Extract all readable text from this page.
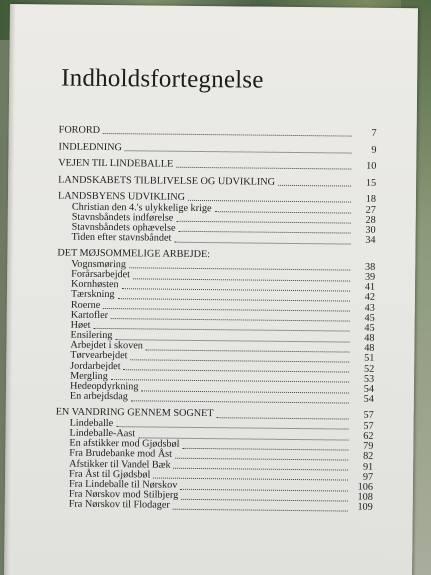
Indholdsfortegnelse
FORORD	7
INDLEDNING	9
VEJEN TIL LINDEBALLE	10
LANDSKABETS TILBLIVELSE OG UDVIKLING	15
LANDSBYENS UDVIKLING	18
Christian den 4.'s ulykkelige krige	27
Stavnsbåndets indførelse	28
Stavnsbåndets ophævelse	30
Tiden efter stavnsbåndet	34
DET MØJSOMMELIGE ARBEJDE:
Vognsmøring	38
Forårsarbejdet	39
Kornhøsten	41
Tærskning	42
Roerne	43
Kartofler	45
Høet	45
Ensilering	48
Arbejdet i skoven	48
Tørvearbejdet	51
Jordarbejdet	52
Mergling	53
Hedeopdyrkning	54
En arbejdsdag	54
EN VANDRING GENNEM SOGNET	57
Lindeballe	57
Lindeballe-Aast	62
En afstikker mod Gjødsbøl	79
Fra Brudebanke mod Åst	82
Afstikker til Vandel Bæk	91
Fra Åst til Gjødsbøl	97
Fra Lindeballe til Nørskov	106
Fra Nørskov mod Stilbjerg	108
Fra Nørskov til Flodager	109
